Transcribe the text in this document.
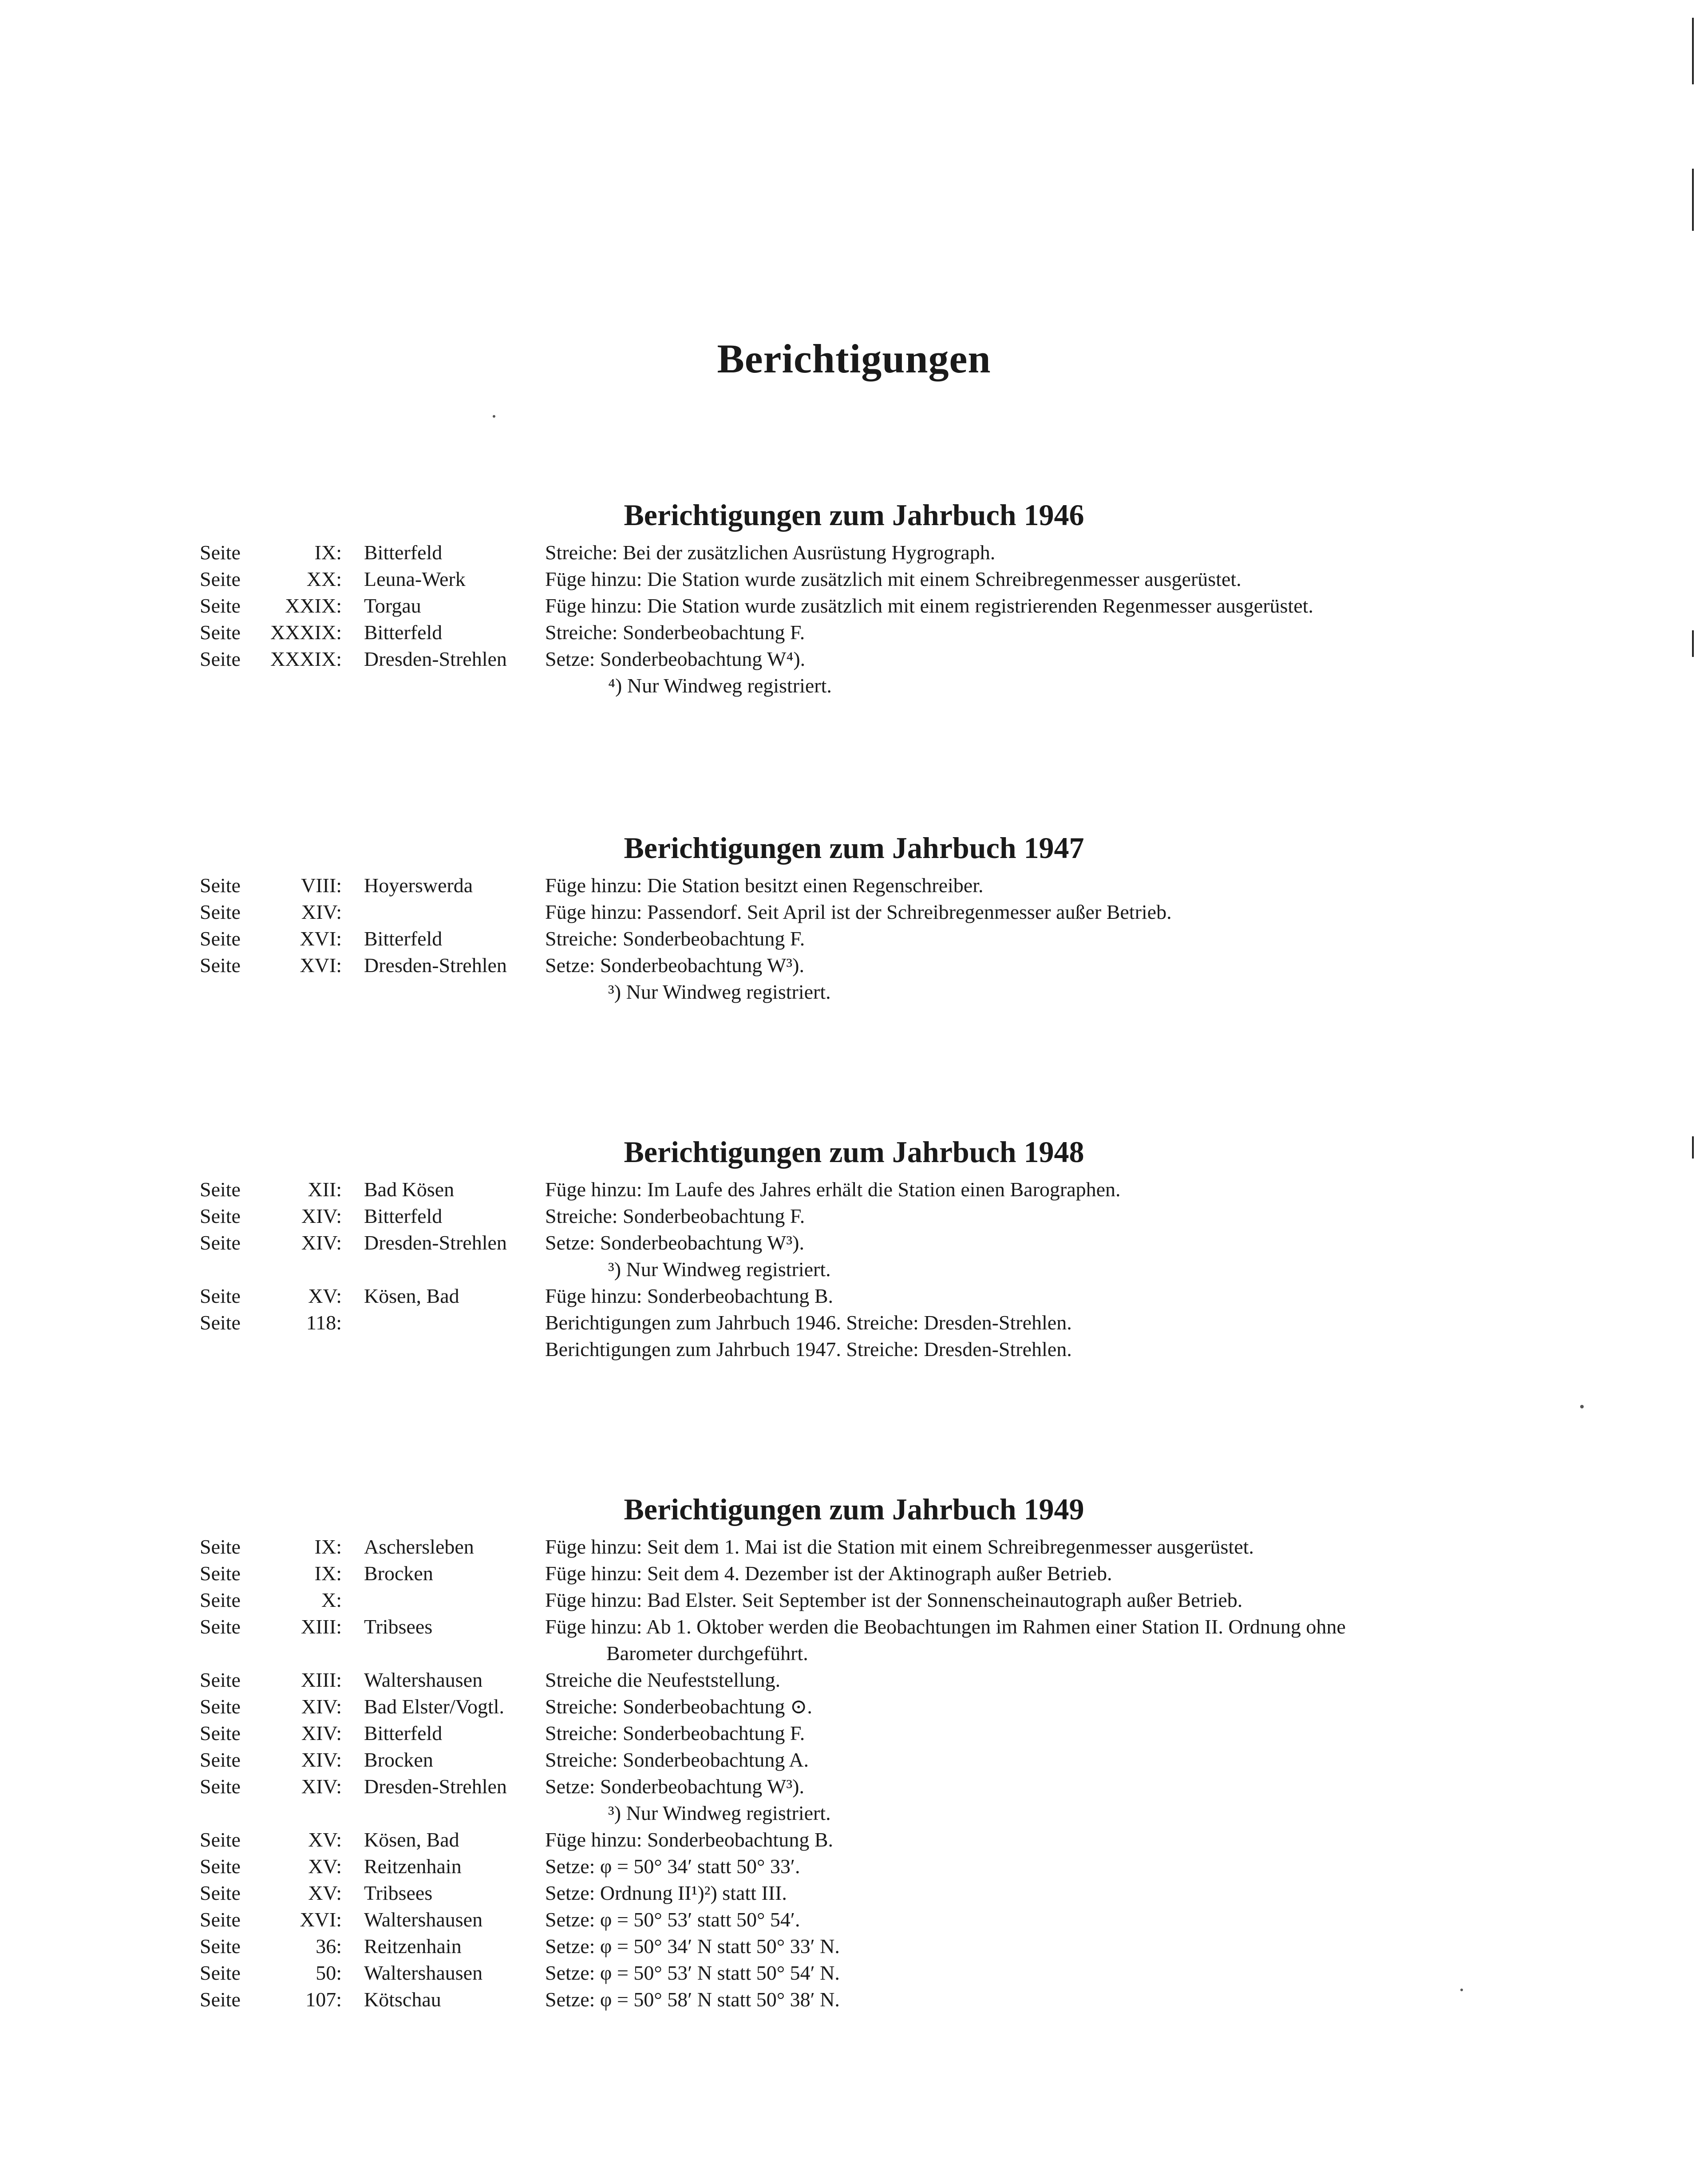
Berichtigungen
Berichtigungen zum Jahrbuch 1946
Seite	IX: Bitterfeld	Streiche: Bei der zusätzlichen Ausrüstung Hygrograph.
Seite	XX: Leuna-Werk	Füge hinzu: Die Station wurde zusätzlich mit einem Schreibregenmesser ausgerüstet.
Seite XXIX: Torgau	Füge hinzu: Die Station wurde zusätzlich mit einem registrierenden Regenmesser ausgerüstet.
Seite XXXIX: Bitterfeld	Streiche: Sonderbeobachtung F.
Seite XXXIX: Dresden-Strehlen Setze: Sonderbeobachtung W⁴).
⁴) Nur Windweg registriert.
Berichtigungen zum Jahrbuch 1947
Seite	VIII: Hoyerswerda	Füge hinzu: Die Station besitzt einen Regenschreiber.
Seite	XIV:	Füge hinzu: Passendorf. Seit April ist der Schreibregenmesser außer Betrieb.
Seite	XVI: Bitterfeld	Streiche: Sonderbeobachtung F.
Seite	XVI: Dresden-Strehlen Setze: Sonderbeobachtung W³).
³) Nur Windweg registriert.
Berichtigungen zum Jahrbuch 1948
Seite	XII: Bad Kösen	Füge hinzu: Im Laufe des Jahres erhält die Station einen Barographen.
Seite	XIV: Bitterfeld	Streiche: Sonderbeobachtung F.
Seite	XIV: Dresden-Strehlen Setze: Sonderbeobachtung W³).
³) Nur Windweg registriert.
Seite	XV: Kösen, Bad	Füge hinzu: Sonderbeobachtung B.
Seite	118:	Berichtigungen zum Jahrbuch 1946. Streiche: Dresden-Strehlen.
Berichtigungen zum Jahrbuch 1947. Streiche: Dresden-Strehlen.
Berichtigungen zum Jahrbuch 1949
Seite	IX: Aschersleben	Füge hinzu: Seit dem 1. Mai ist die Station mit einem Schreibregenmesser ausgerüstet.
Seite	IX: Brocken	Füge hinzu: Seit dem 4. Dezember ist der Aktinograph außer Betrieb.
Seite	X:	Füge hinzu: Bad Elster. Seit September ist der Sonnenscheinautograph außer Betrieb.
Seite	XIII: Tribsees	Füge hinzu: Ab 1. Oktober werden die Beobachtungen im Rahmen einer Station II. Ordnung ohne
Barometer durchgeführt.
Seite	XIII: Waltershausen	Streiche die Neufeststellung.
Seite	XIV: Bad Elster/Vogtl. Streiche: Sonderbeobachtung ⊙.
Seite	XIV: Bitterfeld	Streiche: Sonderbeobachtung F.
Seite	XIV: Brocken	Streiche: Sonderbeobachtung A.
Seite	XIV: Dresden-Strehlen Setze: Sonderbeobachtung W³).
³) Nur Windweg registriert.
Seite	XV: Kösen, Bad	Füge hinzu: Sonderbeobachtung B.
Seite	XV: Reitzenhain	Setze: φ = 50° 34′ statt 50° 33′.
Seite	XV: Tribsees	Setze: Ordnung II¹)²) statt III.
Seite	XVI: Waltershausen	Setze: φ = 50° 53′ statt 50° 54′.
Seite	36: Reitzenhain	Setze: φ = 50° 34′ N statt 50° 33′ N.
Seite	50: Waltershausen	Setze: φ = 50° 53′ N statt 50° 54′ N.
Seite	107: Kötschau	Setze: φ = 50° 58′ N statt 50° 38′ N.
